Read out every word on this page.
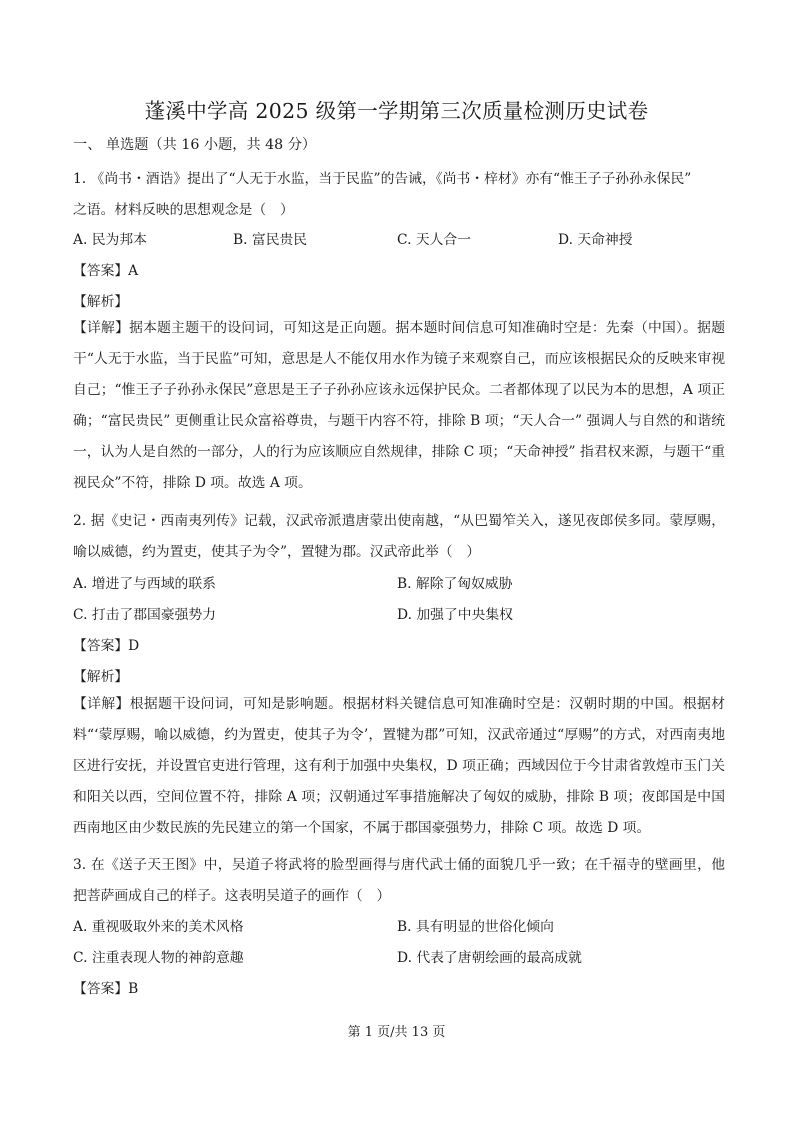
蓬溪中学高 2025 级第一学期第三次质量检测历史试卷
一、 单选题（共 16 小题，共 48 分）
1. 《尚书・酒诰》提出了“人无于水监，当于民监”的告诫，《尚书・梓材》亦有“惟王子子孙孙永保民”
之语。材料反映的思想观念是（　）
A. 民为邦本	B. 富民贵民	C. 天人合一	D. 天命神授
【答案】A
【解析】
【详解】据本题主题干的设问词，可知这是正向题。据本题时间信息可知准确时空是：先秦（中国）。据题干“人无于水监，当于民监”可知，意思是人不能仅用水作为镜子来观察自己，而应该根据民众的反映来审视自己；“惟王子子孙孙永保民”意思是王子子孙孙应该永远保护民众。二者都体现了以民为本的思想，A 项正确；“富民贵民” 更侧重让民众富裕尊贵，与题干内容不符，排除 B 项；“天人合一” 强调人与自然的和谐统一，认为人是自然的一部分，人的行为应该顺应自然规律，排除 C 项；“天命神授” 指君权来源，与题干“重视民众”不符，排除 D 项。故选 A 项。
2. 据《史记・西南夷列传》记载，汉武帝派遣唐蒙出使南越，“从巴蜀笮关入，遂见夜郎侯多同。蒙厚赐，喻以威德，约为置吏，使其子为令”，置犍为郡。汉武帝此举（　）
A. 增进了与西域的联系	B. 解除了匈奴威胁
C. 打击了郡国豪强势力	D. 加强了中央集权
【答案】D
【解析】
【详解】根据题干设问词，可知是影响题。根据材料关键信息可知准确时空是：汉朝时期的中国。根据材料“‘蒙厚赐，喻以威德，约为置吏，使其子为令’，置犍为郡”可知，汉武帝通过“厚赐”的方式，对西南夷地区进行安抚，并设置官吏进行管理，这有利于加强中央集权，D 项正确；西域因位于今甘肃省敦煌市玉门关和阳关以西，空间位置不符，排除 A 项；汉朝通过军事措施解决了匈奴的威胁，排除 B 项；夜郎国是中国西南地区由少数民族的先民建立的第一个国家，不属于郡国豪强势力，排除 C 项。故选 D 项。
3. 在《送子天王图》中，吴道子将武将的脸型画得与唐代武士俑的面貌几乎一致；在千福寺的壁画里，他把菩萨画成自己的样子。这表明吴道子的画作（　）
A. 重视吸取外来的美术风格	B. 具有明显的世俗化倾向
C. 注重表现人物的神韵意趣	D. 代表了唐朝绘画的最高成就
【答案】B
第 1 页/共 13 页
